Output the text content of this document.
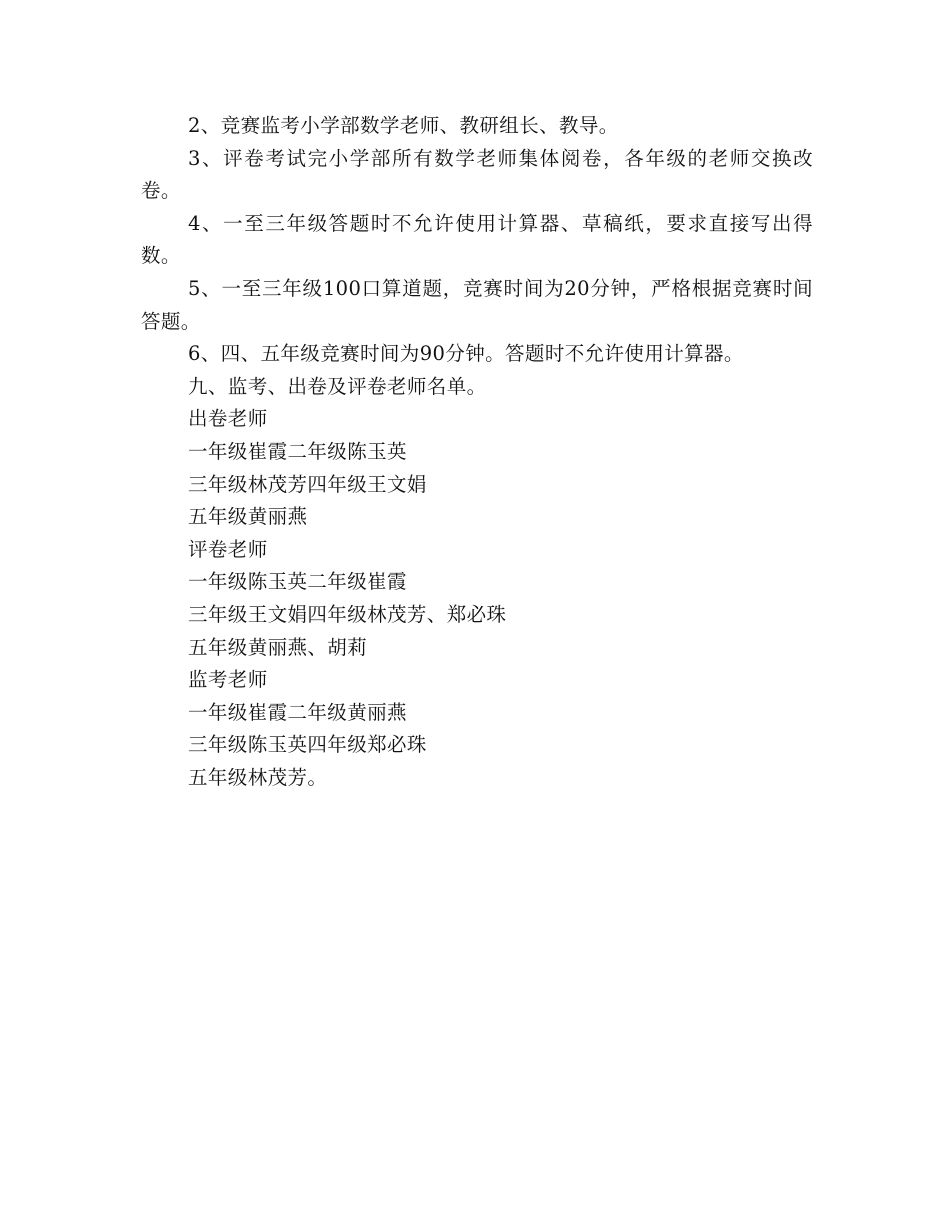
2、竞赛监考小学部数学老师、教研组长、教导。

3、评卷考试完小学部所有数学老师集体阅卷，各年级的老师交换改卷。

4、一至三年级答题时不允许使用计算器、草稿纸，要求直接写出得数。

5、一至三年级100口算道题，竞赛时间为20分钟，严格根据竞赛时间答题。

6、四、五年级竞赛时间为90分钟。答题时不允许使用计算器。

九、监考、出卷及评卷老师名单。

出卷老师

一年级崔霞二年级陈玉英

三年级林茂芳四年级王文娟

五年级黄丽燕

评卷老师

一年级陈玉英二年级崔霞

三年级王文娟四年级林茂芳、郑必珠

五年级黄丽燕、胡莉

监考老师

一年级崔霞二年级黄丽燕

三年级陈玉英四年级郑必珠

五年级林茂芳。
